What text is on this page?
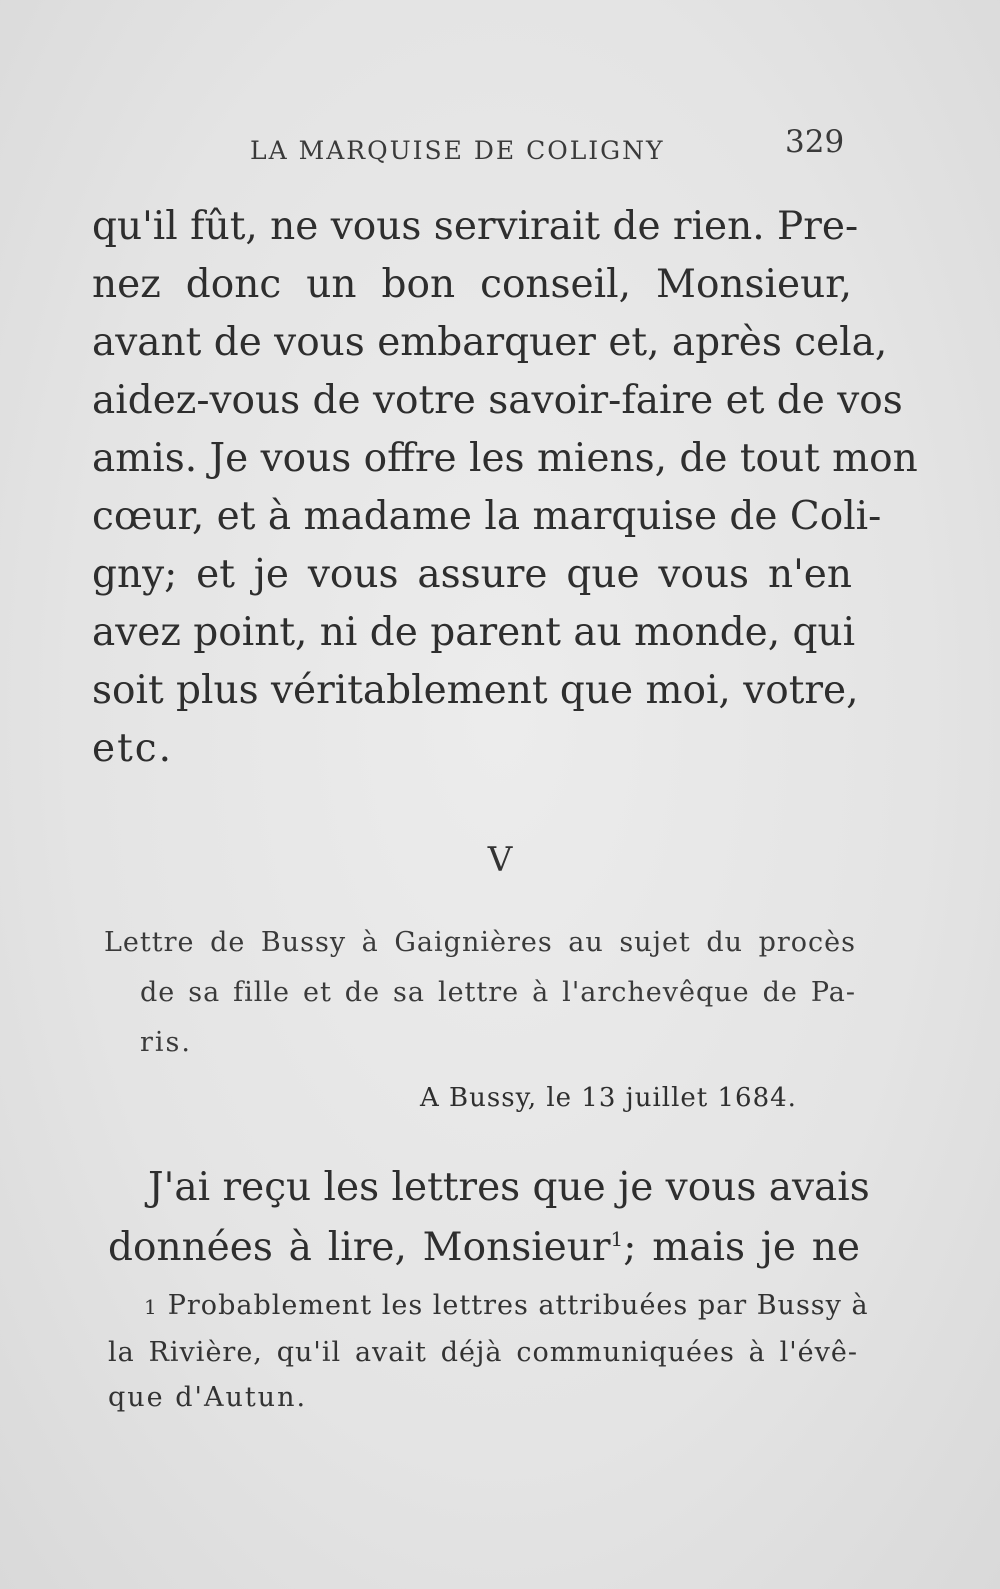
LA MARQUISE DE COLIGNY	329
qu'il fût, ne vous servirait de rien. Pre-
nez donc un bon conseil, Monsieur,
avant de vous embarquer et, après cela,
aidez-vous de votre savoir-faire et de vos
amis. Je vous offre les miens, de tout mon
cœur, et à madame la marquise de Coli-
gny; et je vous assure que vous n'en
avez point, ni de parent au monde, qui
soit plus véritablement que moi, votre,
etc.
V
Lettre de Bussy à Gaignières au sujet du procès
de sa fille et de sa lettre à l'archevêque de Pa-
ris.
A Bussy, le 13 juillet 1684.
J'ai reçu les lettres que je vous avais
données à lire, Monsieur$^1$; mais je ne
1 Probablement les lettres attribuées par Bussy à
la Rivière, qu'il avait déjà communiquées à l'évê-
que d'Autun.
